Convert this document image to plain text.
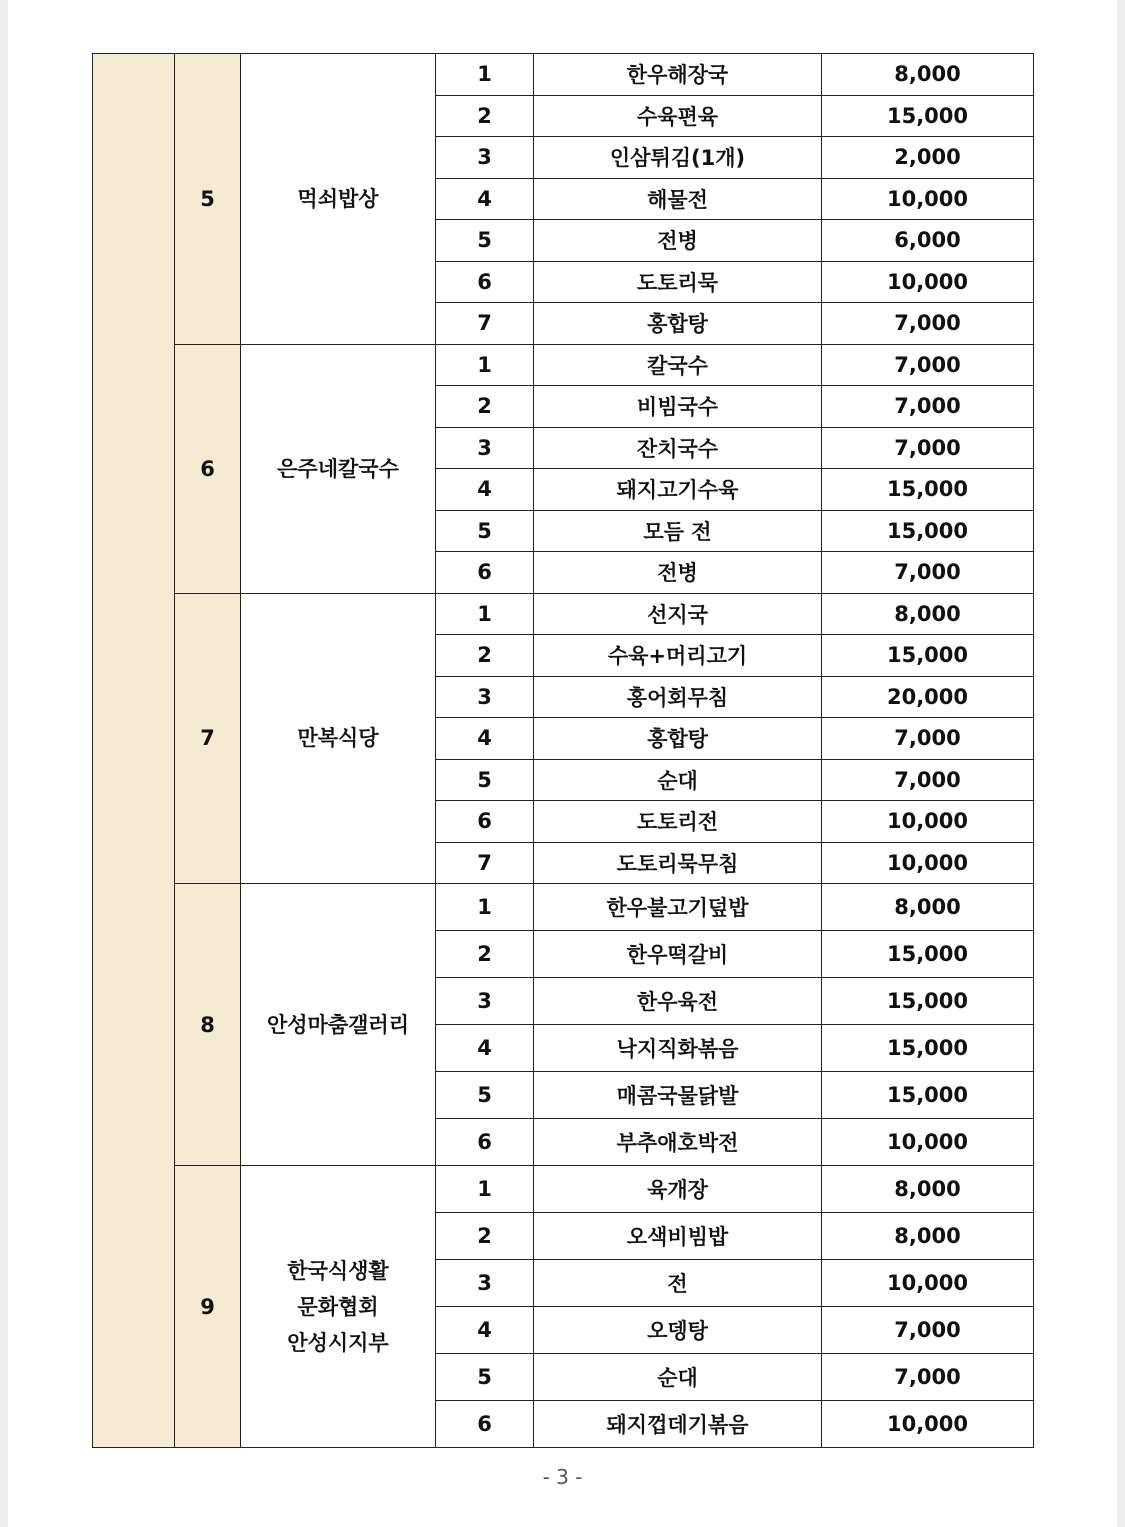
	5	먹쇠밥상	1	한우해장국	8,000
			2	수육편육	15,000
			3	인삼튀김(1개)	2,000
			4	해물전	10,000
			5	전병	6,000
			6	도토리묵	10,000
			7	홍합탕	7,000
	6	은주네칼국수	1	칼국수	7,000
			2	비빔국수	7,000
			3	잔치국수	7,000
			4	돼지고기수육	15,000
			5	모듬 전	15,000
			6	전병	7,000
	7	만복식당	1	선지국	8,000
			2	수육+머리고기	15,000
			3	홍어회무침	20,000
			4	홍합탕	7,000
			5	순대	7,000
			6	도토리전	10,000
			7	도토리묵무침	10,000
	8	안성마춤갤러리	1	한우불고기덮밥	8,000
			2	한우떡갈비	15,000
			3	한우육전	15,000
			4	낙지직화볶음	15,000
			5	매콤국물닭발	15,000
			6	부추애호박전	10,000
	9	한국식생활
문화협회
안성시지부	1	육개장	8,000
			2	오색비빔밥	8,000
			3	전	10,000
			4	오뎅탕	7,000
			5	순대	7,000
			6	돼지껍데기볶음	10,000
- 3 -
